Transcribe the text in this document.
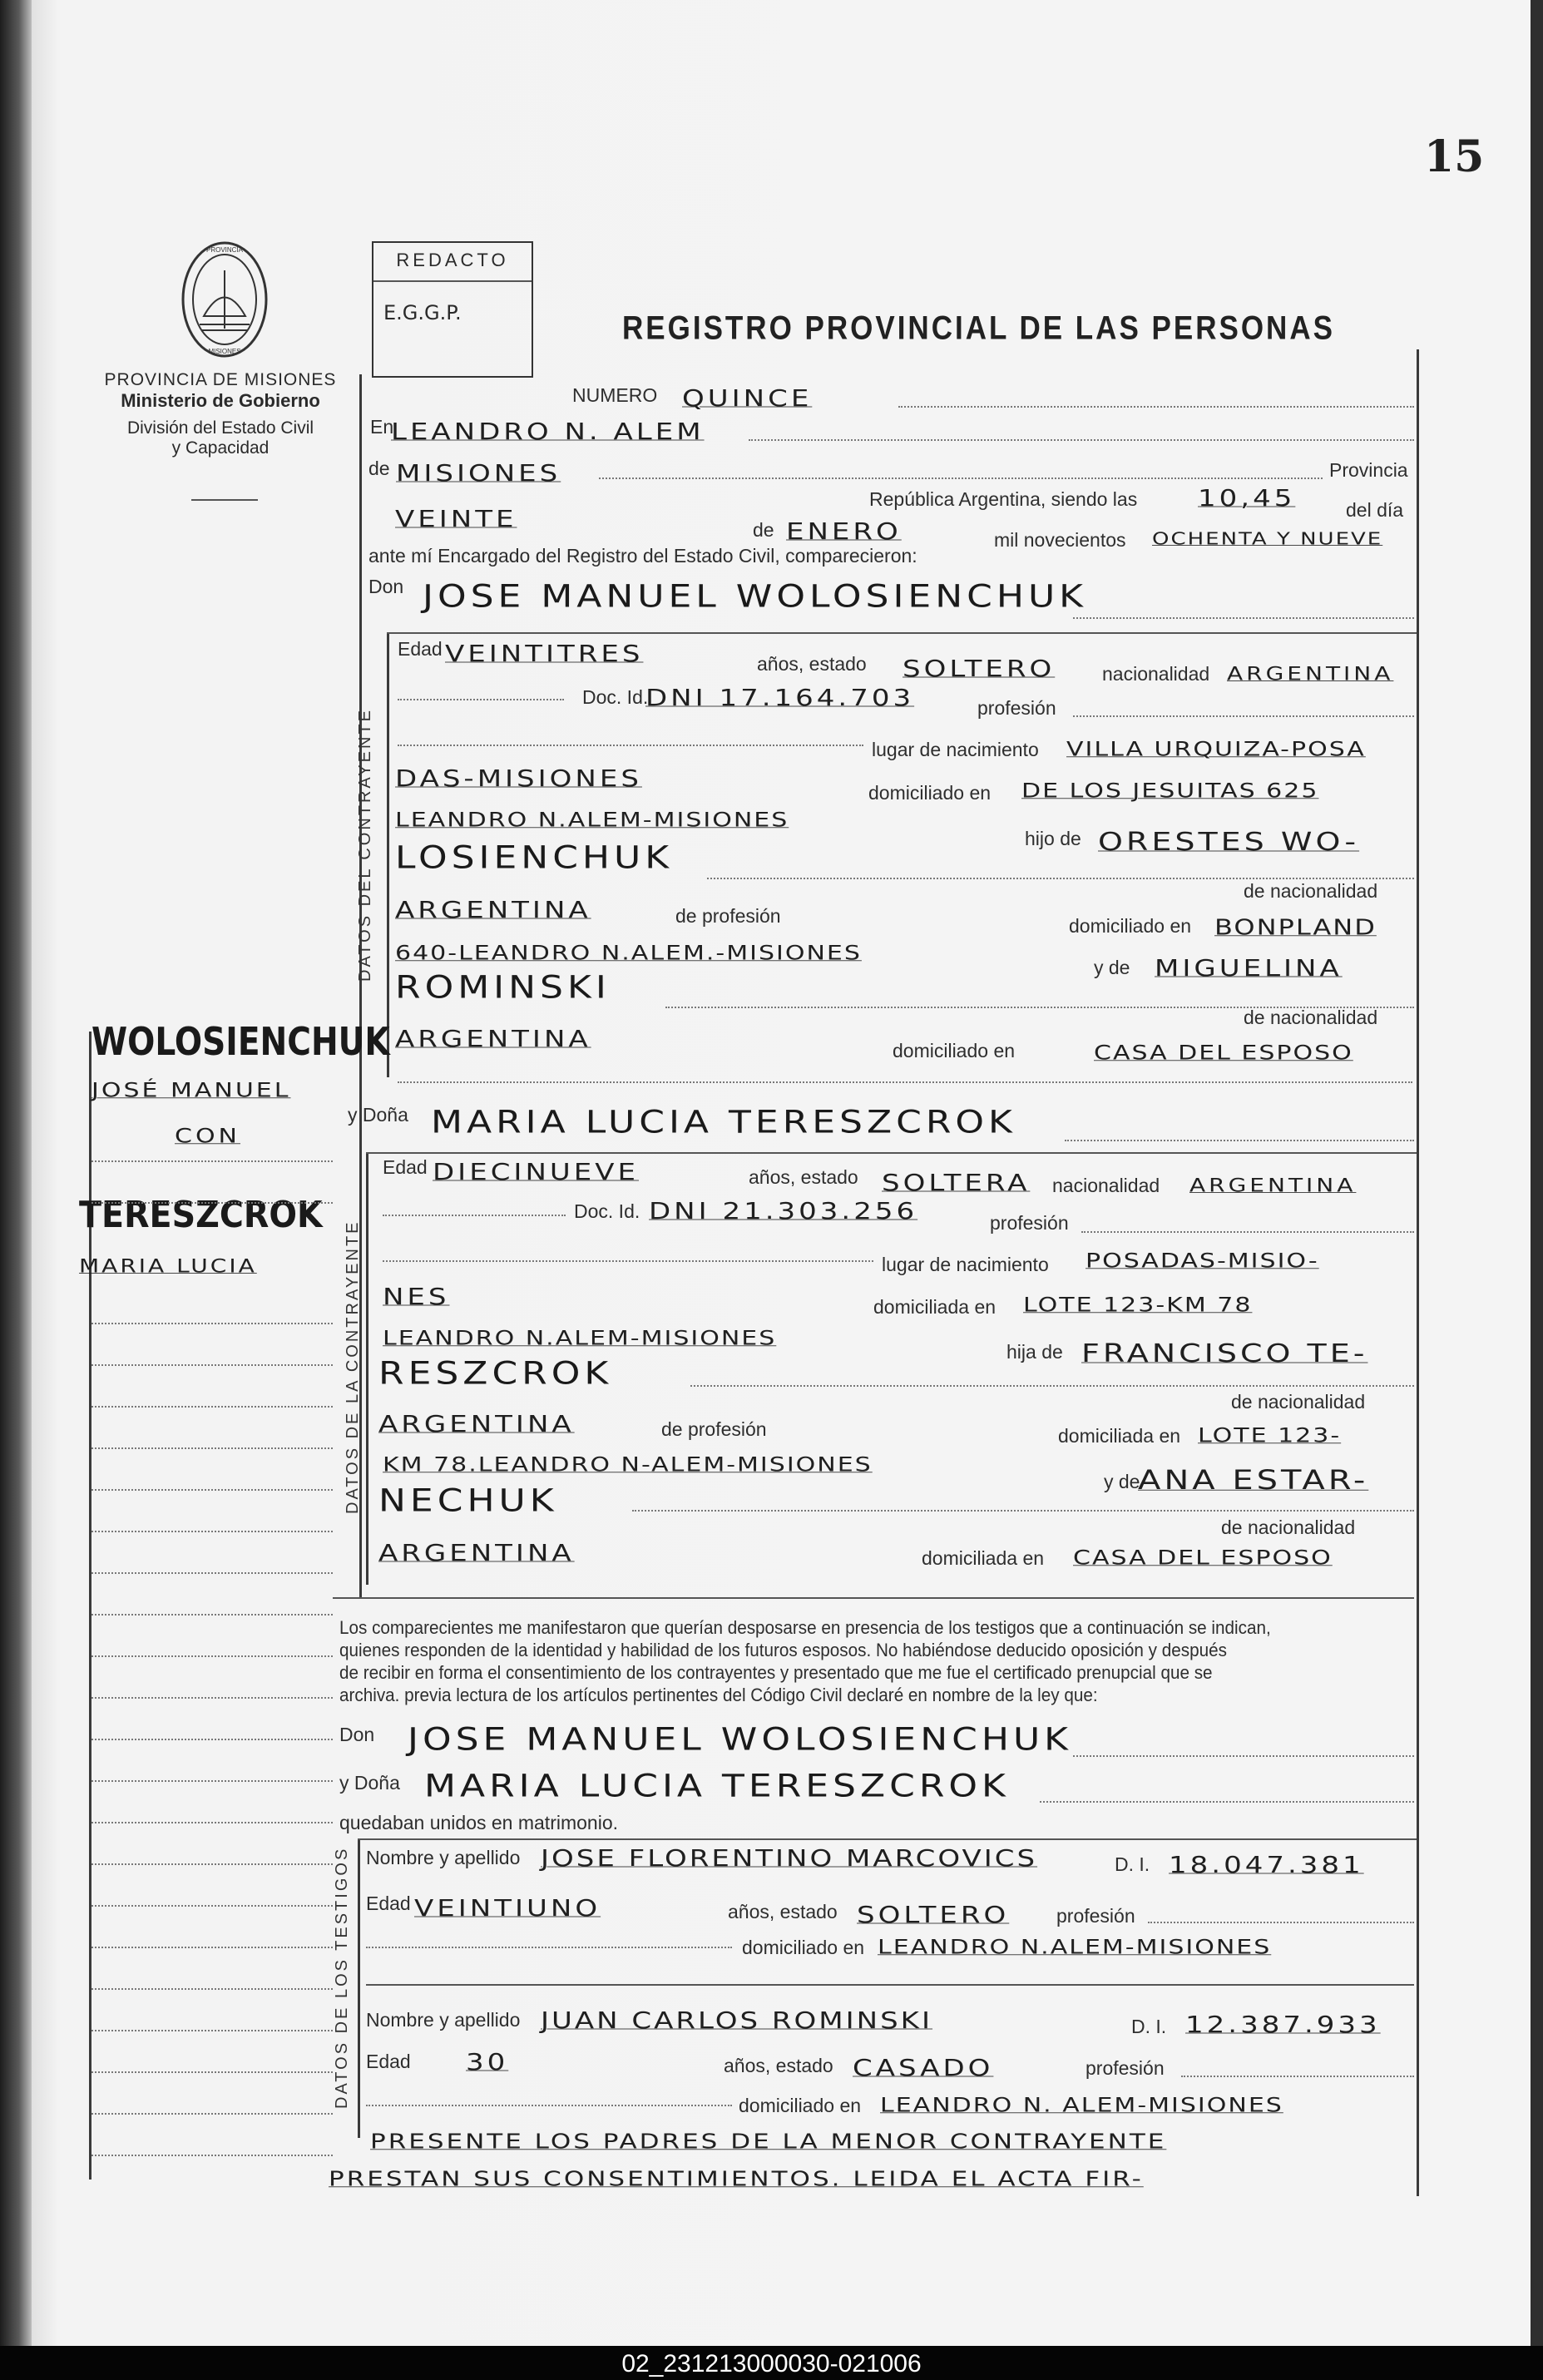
15
PROVINCIA
MISIONES
PROVINCIA DE MISIONES
Ministerio de Gobierno
División del Estado Civil
y Capacidad
REDACTO
E.G.G.P.	REGISTRO PROVINCIAL DE LAS PERSONAS
DATOS DEL CONTRAYENTE
DATOS DE LA CONTRAYENTE
DATOS DE LOS TESTIGOS
NUMERO QUINCE
En
LEANDRO N. ALEM
de MISIONES	Provincia
República Argentina, siendo las 10,45	del día
VEINTE	de ENERO	mil novecientos OCHENTA Y NUEVE
ante mí Encargado del Registro del Estado Civil, comparecieron:
Don JOSE MANUEL WOLOSIENCHUK
Edad VEINTITRES	años, estado SOLTERO nacionalidad ARGENTINA
Doc. Id.
DNI 17.164.703	profesión
lugar de nacimiento VILLA URQUIZA-POSA
DAS-MISIONES
domiciliado en DE LOS JESUITAS 625
LEANDRO N.ALEM-MISIONES
hijo de ORESTES WO-
LOSIENCHUK
de nacionalidad
ARGENTINA	de profesión	domiciliado en BONPLAND
640-LEANDRO N.ALEM.-MISIONES
y de MIGUELINA
ROMINSKI
de nacionalidad
ARGENTINA	domiciliado en	CASA DEL ESPOSO
WOLOSIENCHUK
JOSÉ MANUEL
CON
TERESZCROK
MARIA LUCIA
y Doña MARIA LUCIA TERESZCROK
Edad DIECINUEVE	años, estado SOLTERA nacionalidad ARGENTINA
Doc. Id. DNI 21.303.256	profesión
lugar de nacimiento POSADAS-MISIO-
NES	domiciliada en LOTE 123-KM 78
LEANDRO N.ALEM-MISIONES
hija de FRANCISCO TE-
RESZCROK
de nacionalidad
ARGENTINA	de profesión	domiciliada en LOTE 123-
KM 78.LEANDRO N-ALEM-MISIONES
y de
ANA ESTAR-
NECHUK
de nacionalidad
ARGENTINA	domiciliada en CASA DEL ESPOSO
Los comparecientes me manifestaron que querían desposarse en presencia de los testigos que a continuación se indican,
quienes responden de la identidad y habilidad de los futuros esposos. No habiéndose deducido oposición y después
de recibir en forma el consentimiento de los contrayentes y presentado que me fue el certificado prenupcial que se
archiva. previa lectura de los artículos pertinentes del Código Civil declaré en nombre de la ley que:
Don JOSE MANUEL WOLOSIENCHUK
y Doña MARIA LUCIA TERESZCROK
quedaban unidos en matrimonio.
Nombre y apellido JOSE FLORENTINO MARCOVICS	D. I. 18.047.381
Edad VEINTIUNO	años, estado SOLTERO profesión
domiciliado en LEANDRO N.ALEM-MISIONES
Nombre y apellido JUAN CARLOS ROMINSKI	D. I. 12.387.933
Edad 30	años, estado CASADO	profesión
domiciliado en LEANDRO N. ALEM-MISIONES
PRESENTE LOS PADRES DE LA MENOR CONTRAYENTE
PRESTAN SUS CONSENTIMIENTOS. LEIDA EL ACTA FIR-
02_231213000030-021006
